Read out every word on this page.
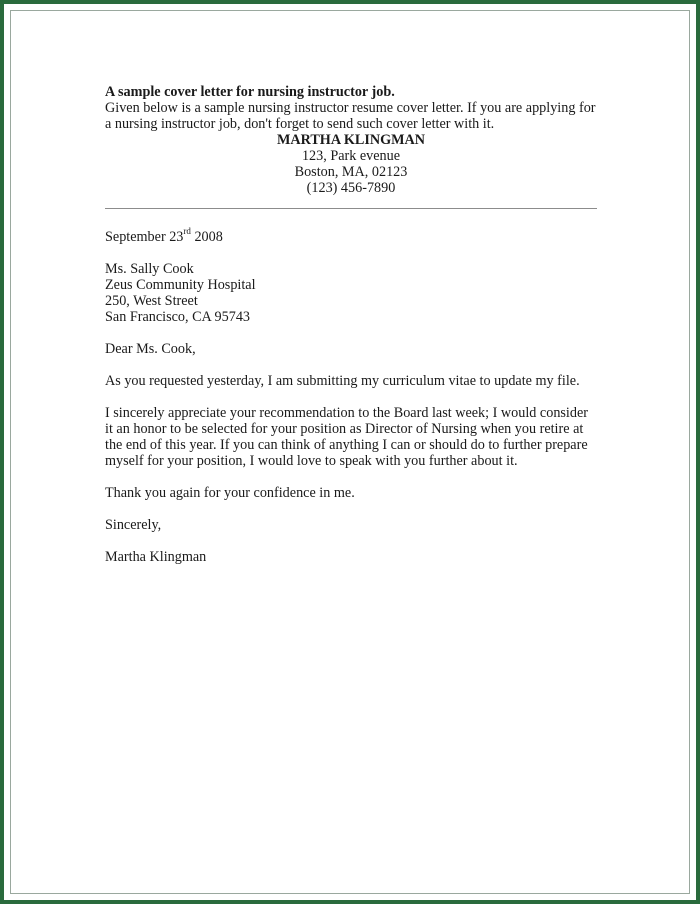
A sample cover letter for nursing instructor job.

Given below is a sample nursing instructor resume cover letter. If you are applying for a nursing instructor job, don't forget to send such cover letter with it.

MARTHA KLINGMAN
123, Park evenue
Boston, MA, 02123
(123) 456-7890
September 23rd 2008
Ms. Sally Cook
Zeus Community Hospital
250, West Street
San Francisco, CA 95743
Dear Ms. Cook,

As you requested yesterday, I am submitting my curriculum vitae to update my file.

I sincerely appreciate your recommendation to the Board last week; I would consider it an honor to be selected for your position as Director of Nursing when you retire at the end of this year. If you can think of anything I can or should do to further prepare myself for your position, I would love to speak with you further about it.

Thank you again for your confidence in me.

Sincerely,
Martha Klingman
